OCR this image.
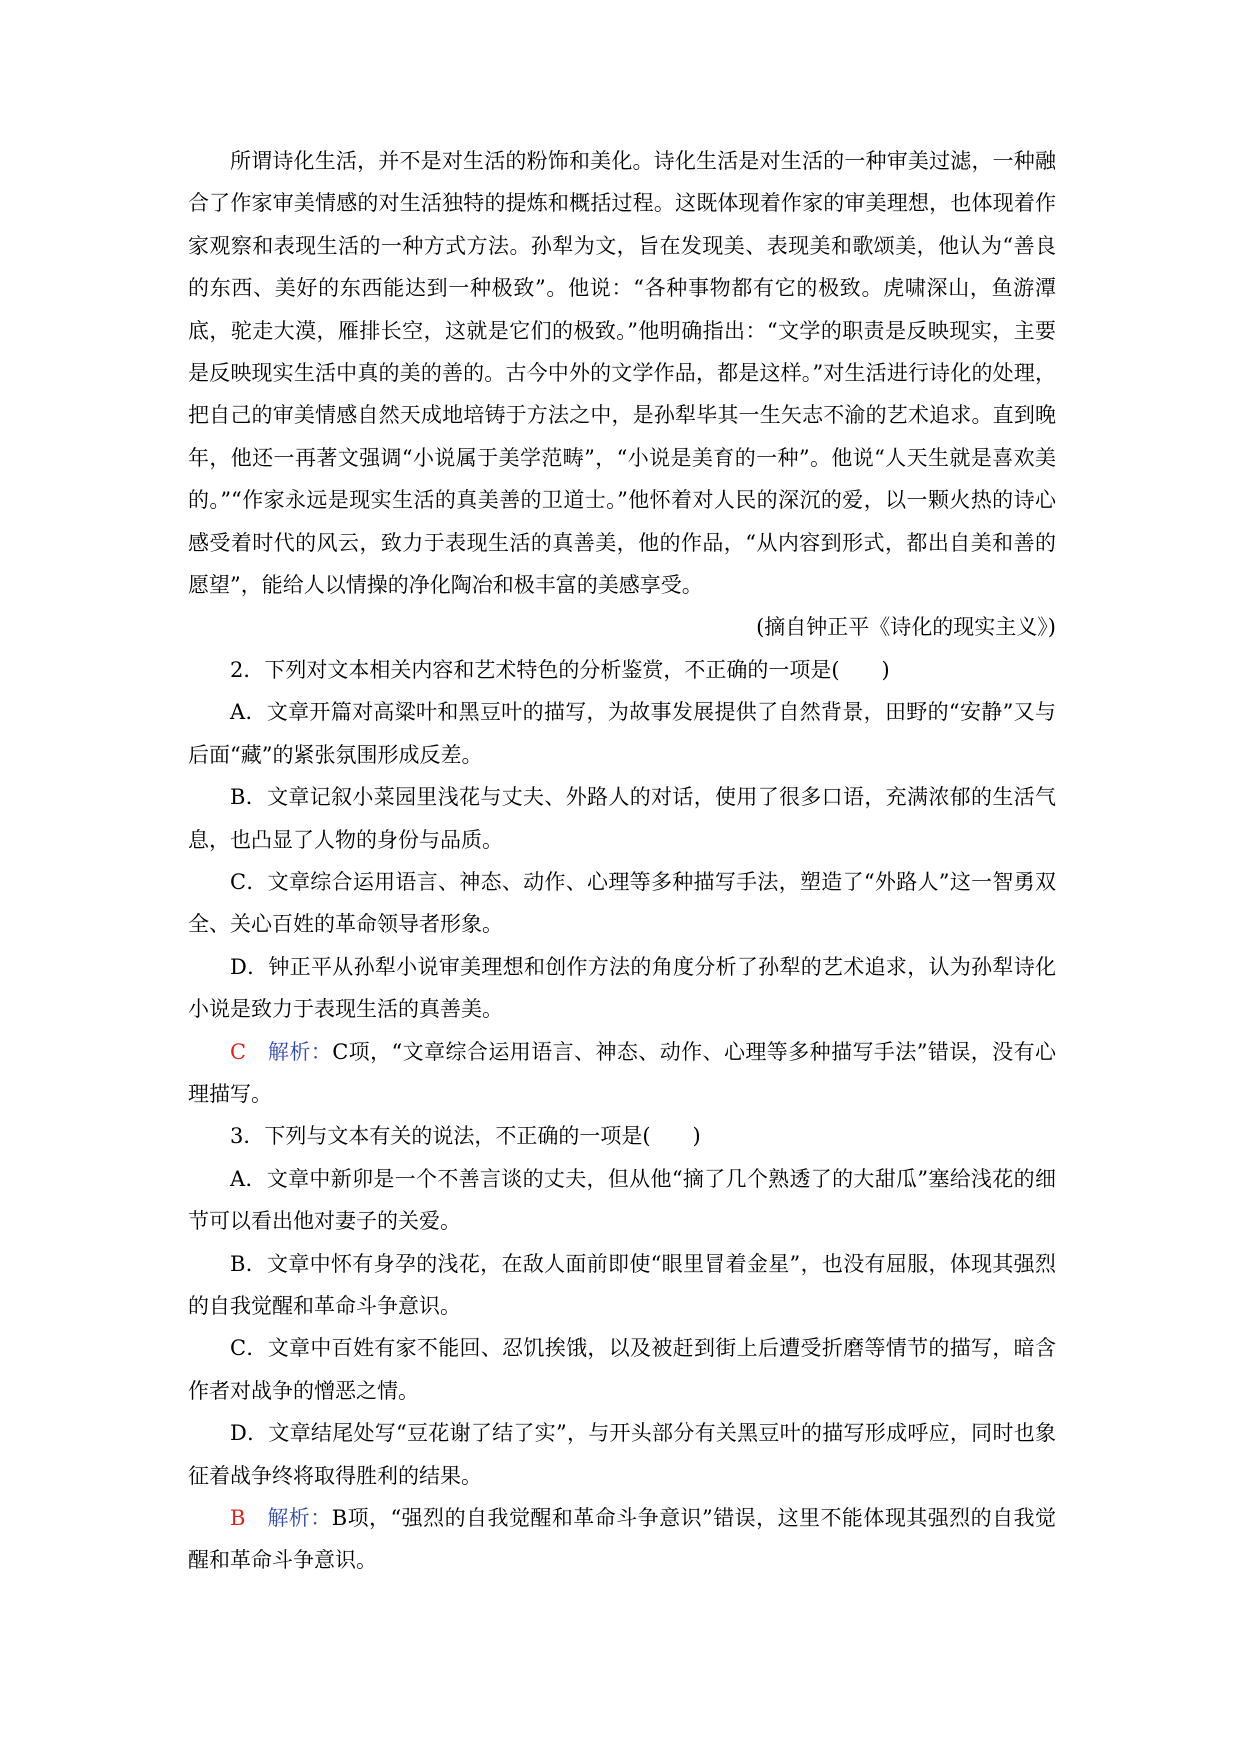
所谓诗化生活，并不是对生活的粉饰和美化。诗化生活是对生活的一种审美过滤，一种融合了作家审美情感的对生活独特的提炼和概括过程。这既体现着作家的审美理想，也体现着作家观察和表现生活的一种方式方法。孙犁为文，旨在发现美、表现美和歌颂美，他认为“善良的东西、美好的东西能达到一种极致”。他说：“各种事物都有它的极致。虎啸深山，鱼游潭底，驼走大漠，雁排长空，这就是它们的极致。”他明确指出：“文学的职责是反映现实，主要是反映现实生活中真的美的善的。古今中外的文学作品，都是这样。”对生活进行诗化的处理，把自己的审美情感自然天成地培铸于方法之中，是孙犁毕其一生矢志不渝的艺术追求。直到晚年，他还一再著文强调“小说属于美学范畴”，“小说是美育的一种”。他说“人天生就是喜欢美的。”“作家永远是现实生活的真美善的卫道士。”他怀着对人民的深沉的爱，以一颗火热的诗心感受着时代的风云，致力于表现生活的真善美，他的作品，“从内容到形式，都出自美和善的愿望”，能给人以情操的净化陶冶和极丰富的美感享受。

(摘自钟正平《诗化的现实主义》)

2．下列对文本相关内容和艺术特色的分析鉴赏，不正确的一项是(　　)

A．文章开篇对高粱叶和黑豆叶的描写，为故事发展提供了自然背景，田野的“安静”又与后面“藏”的紧张氛围形成反差。

B．文章记叙小菜园里浅花与丈夫、外路人的对话，使用了很多口语，充满浓郁的生活气息，也凸显了人物的身份与品质。

C．文章综合运用语言、神态、动作、心理等多种描写手法，塑造了“外路人”这一智勇双全、关心百姓的革命领导者形象。

D．钟正平从孙犁小说审美理想和创作方法的角度分析了孙犁的艺术追求，认为孙犁诗化小说是致力于表现生活的真善美。

C　 解析：C项，“文章综合运用语言、神态、动作、心理等多种描写手法”错误，没有心理描写。

3．下列与文本有关的说法，不正确的一项是(　　)

A．文章中新卯是一个不善言谈的丈夫，但从他“摘了几个熟透了的大甜瓜”塞给浅花的细节可以看出他对妻子的关爱。

B．文章中怀有身孕的浅花，在敌人面前即使“眼里冒着金星”，也没有屈服，体现其强烈的自我觉醒和革命斗争意识。

C．文章中百姓有家不能回、忍饥挨饿，以及被赶到街上后遭受折磨等情节的描写，暗含作者对战争的憎恶之情。

D．文章结尾处写“豆花谢了结了实”，与开头部分有关黑豆叶的描写形成呼应，同时也象征着战争终将取得胜利的结果。

B　 解析：B项，“强烈的自我觉醒和革命斗争意识”错误，这里不能体现其强烈的自我觉醒和革命斗争意识。
